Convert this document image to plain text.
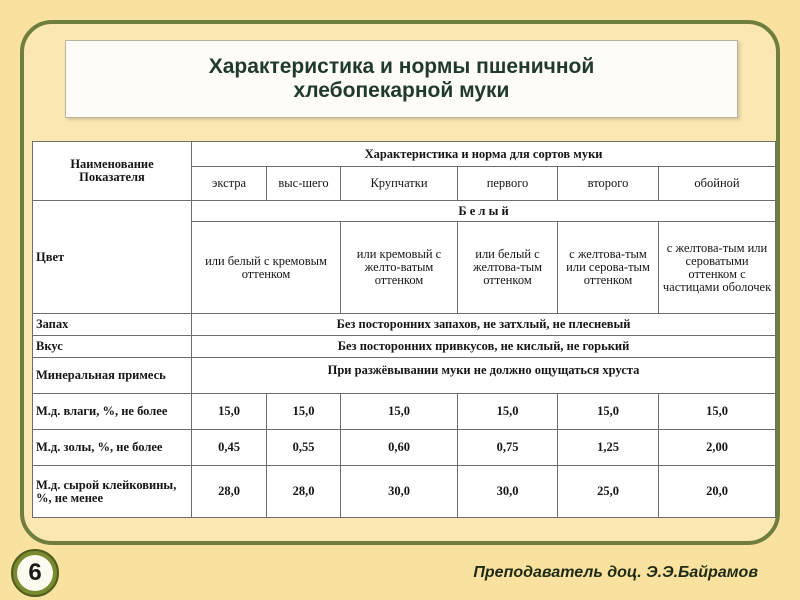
Характеристика и нормы пшеничной
хлебопекарной муки
Наименование Показателя	Характеристика и норма для сортов муки					
	экстра	выс-шего	Крупчатки	первого	второго	обойной
Цвет	Б е л ы й					
	или белый с кремовым оттенком		или кремовый с желто-ватым оттенком	или белый с желтова-тым оттенком	с желтова-тым или серова-тым оттенком	с желтова-тым или сероватыми оттенком с частицами оболочек
Запах	Без посторонних запахов, не затхлый, не плесневый					
Вкус	Без посторонних привкусов, не кислый, не горький					
Минеральная примесь	При разжёвывании муки не должно ощущаться хруста					
М.д. влаги, %, не более	15,0	15,0	15,0	15,0	15,0	15,0
М.д. золы, %, не более	0,45	0,55	0,60	0,75	1,25	2,00
М.д. сырой клейковины, %, не менее	28,0	28,0	30,0	30,0	25,0	20,0
6	Преподаватель доц. Э.Э.Байрамов
